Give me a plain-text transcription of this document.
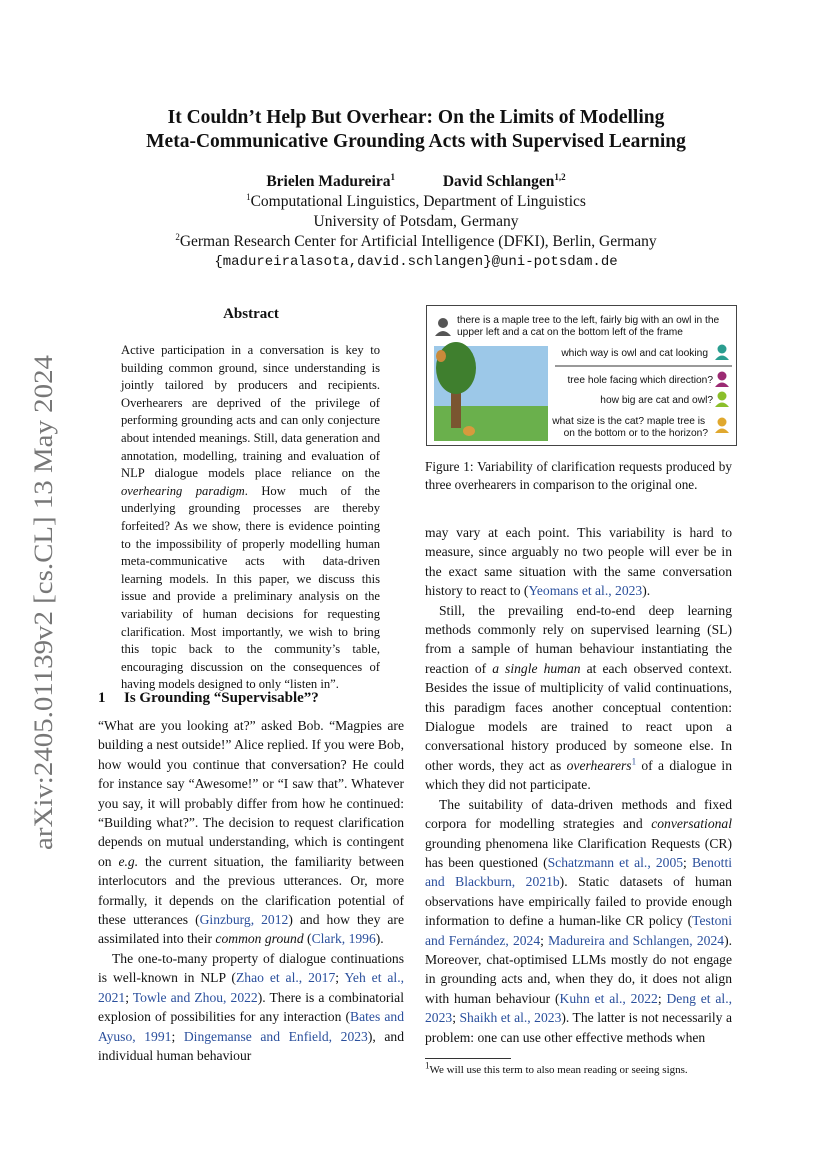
arXiv:2405.01139v2 [cs.CL] 13 May 2024
It Couldn’t Help But Overhear: On the Limits of Modelling
Meta-Communicative Grounding Acts with Supervised Learning
Brielen Madureira$^1$	David Schlangen$^{1,2}$
$^1$Computational Linguistics, Department of Linguistics
University of Potsdam, Germany
$^2$German Research Center for Artificial Intelligence (DFKI), Berlin, Germany
{madureiralasota,david.schlangen}@uni-potsdam.de
Abstract
Active participation in a conversation is key to building common ground, since understanding is jointly tailored by producers and recipients. Overhearers are deprived of the privilege of performing grounding acts and can only conjecture about intended meanings. Still, data generation and annotation, modelling, training and evaluation of NLP dialogue models place reliance on the overhearing paradigm. How much of the underlying grounding processes are thereby forfeited? As we show, there is evidence pointing to the impossibility of properly modelling human meta-communicative acts with data-driven learning models. In this paper, we discuss this issue and provide a preliminary analysis on the variability of human decisions for requesting clarification. Most importantly, we wish to bring this topic back to the community’s table, encouraging discussion on the consequences of having models designed to only “listen in”.
1 Is Grounding “Supervisable”?

“What are you looking at?” asked Bob. “Magpies are building a nest outside!” Alice replied. If you were Bob, how would you continue that conversation? He could for instance say “Awesome!” or “I saw that”. Whatever you say, it will probably differ from how he continued: “Building what?”. The decision to request clarification depends on mutual understanding, which is contingent on e.g. the current situation, the familiarity between interlocutors and the previous utterances. Or, more formally, it depends on the clarification potential of these utterances (Ginzburg, 2012) and how they are assimilated into their common ground (Clark, 1996).

The one-to-many property of dialogue continuations is well-known in NLP (Zhao et al., 2017; Yeh et al., 2021; Towle and Zhou, 2022). There is a combinatorial explosion of possibilities for any interaction (Bates and Ayuso, 1991; Dingemanse and Enfield, 2023), and individual human behaviour

there is a maple tree to the left, fairly big with an owl in the upper left and a cat on the bottom left of the frame
which way is owl and cat looking
tree hole facing which direction?
how big are cat and owl?
what size is the cat? maple tree is on the bottom or to the horizon?
Figure 1: Variability of clarification requests produced by three overhearers in comparison to the original one.

may vary at each point. This variability is hard to measure, since arguably no two people will ever be in the exact same situation with the same conversation history to react to (Yeomans et al., 2023).

Still, the prevailing end-to-end deep learning methods commonly rely on supervised learning (SL) from a sample of human behaviour instantiating the reaction of a single human at each observed context. Besides the issue of multiplicity of valid continuations, this paradigm faces another conceptual contention: Dialogue models are trained to react upon a conversational history produced by someone else. In other words, they act as overhearers$^1$ of a dialogue in which they did not participate.

The suitability of data-driven methods and fixed corpora for modelling strategies and conversational grounding phenomena like Clarification Requests (CR) has been questioned (Schatzmann et al., 2005; Benotti and Blackburn, 2021b). Static datasets of human observations have empirically failed to provide enough information to define a human-like CR policy (Testoni and Fernández, 2024; Madureira and Schlangen, 2024). Moreover, chat-optimised LLMs mostly do not engage in grounding acts and, when they do, it does not align with human behaviour (Kuhn et al., 2022; Deng et al., 2023; Shaikh et al., 2023). The latter is not necessarily a problem: one can use other effective methods when

$^1$We will use this term to also mean reading or seeing signs.
